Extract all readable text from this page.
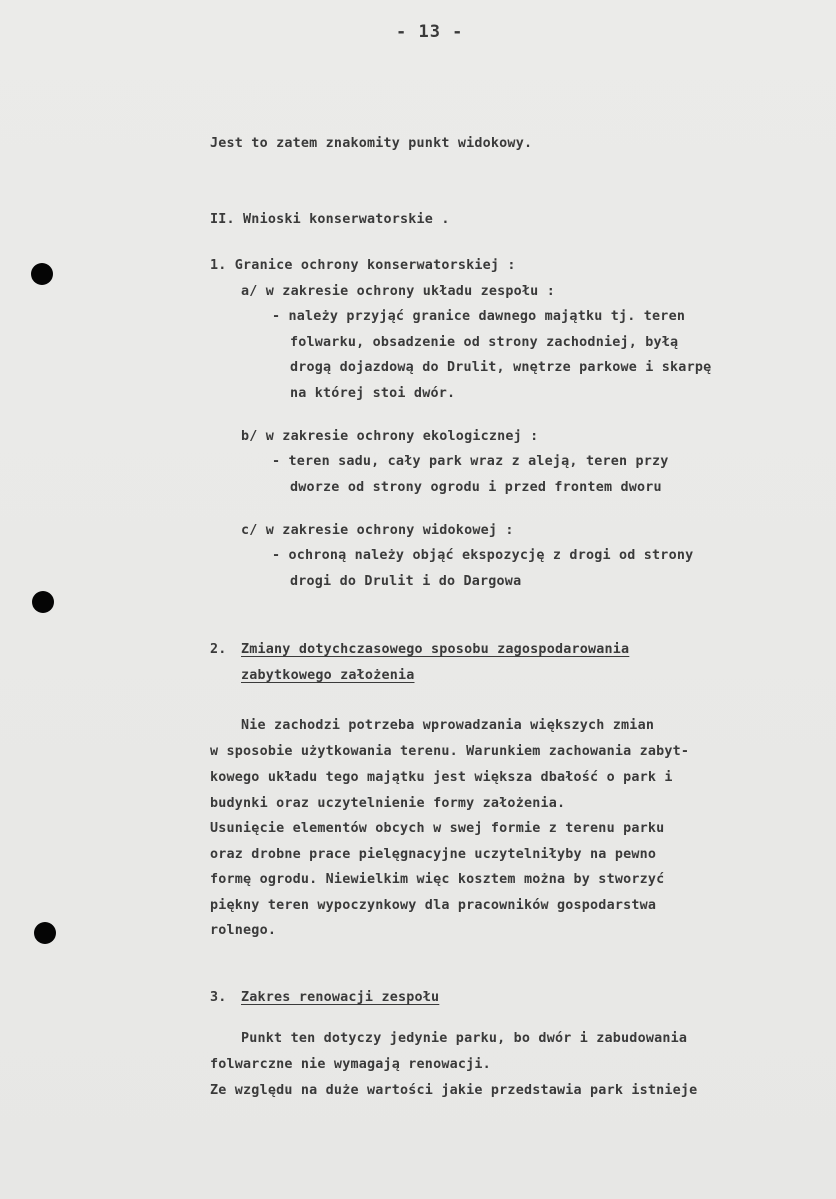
- 13 -
Jest to zatem znakomity punkt widokowy.
II. Wnioski konserwatorskie .
1. Granice ochrony konserwatorskiej :
a/ w zakresie ochrony układu zespołu :
- należy przyjąć granice dawnego majątku tj. teren
folwarku, obsadzenie od strony zachodniej, byłą
drogą dojazdową do Drulit, wnętrze parkowe i skarpę
na której stoi dwór.
b/ w zakresie ochrony ekologicznej :
- teren sadu, cały park wraz z aleją, teren przy
dworze od strony ogrodu i przed frontem dworu
c/ w zakresie ochrony widokowej :
- ochroną należy objąć ekspozycję z drogi od strony
drogi do Drulit i do Dargowa
2. Zmiany dotychczasowego sposobu zagospodarowania
zabytkowego założenia
Nie zachodzi potrzeba wprowadzania większych zmian
w sposobie użytkowania terenu. Warunkiem zachowania zabyt-
kowego układu tego majątku jest większa dbałość o park i
budynki oraz uczytelnienie formy założenia.
Usunięcie elementów obcych w swej formie z terenu parku
oraz drobne prace pielęgnacyjne uczytelniłyby na pewno
formę ogrodu. Niewielkim więc kosztem można by stworzyć
piękny teren wypoczynkowy dla pracowników gospodarstwa
rolnego.
3. Zakres renowacji zespołu
Punkt ten dotyczy jedynie parku, bo dwór i zabudowania
folwarczne nie wymagają renowacji.
Ze względu na duże wartości jakie przedstawia park istnieje
